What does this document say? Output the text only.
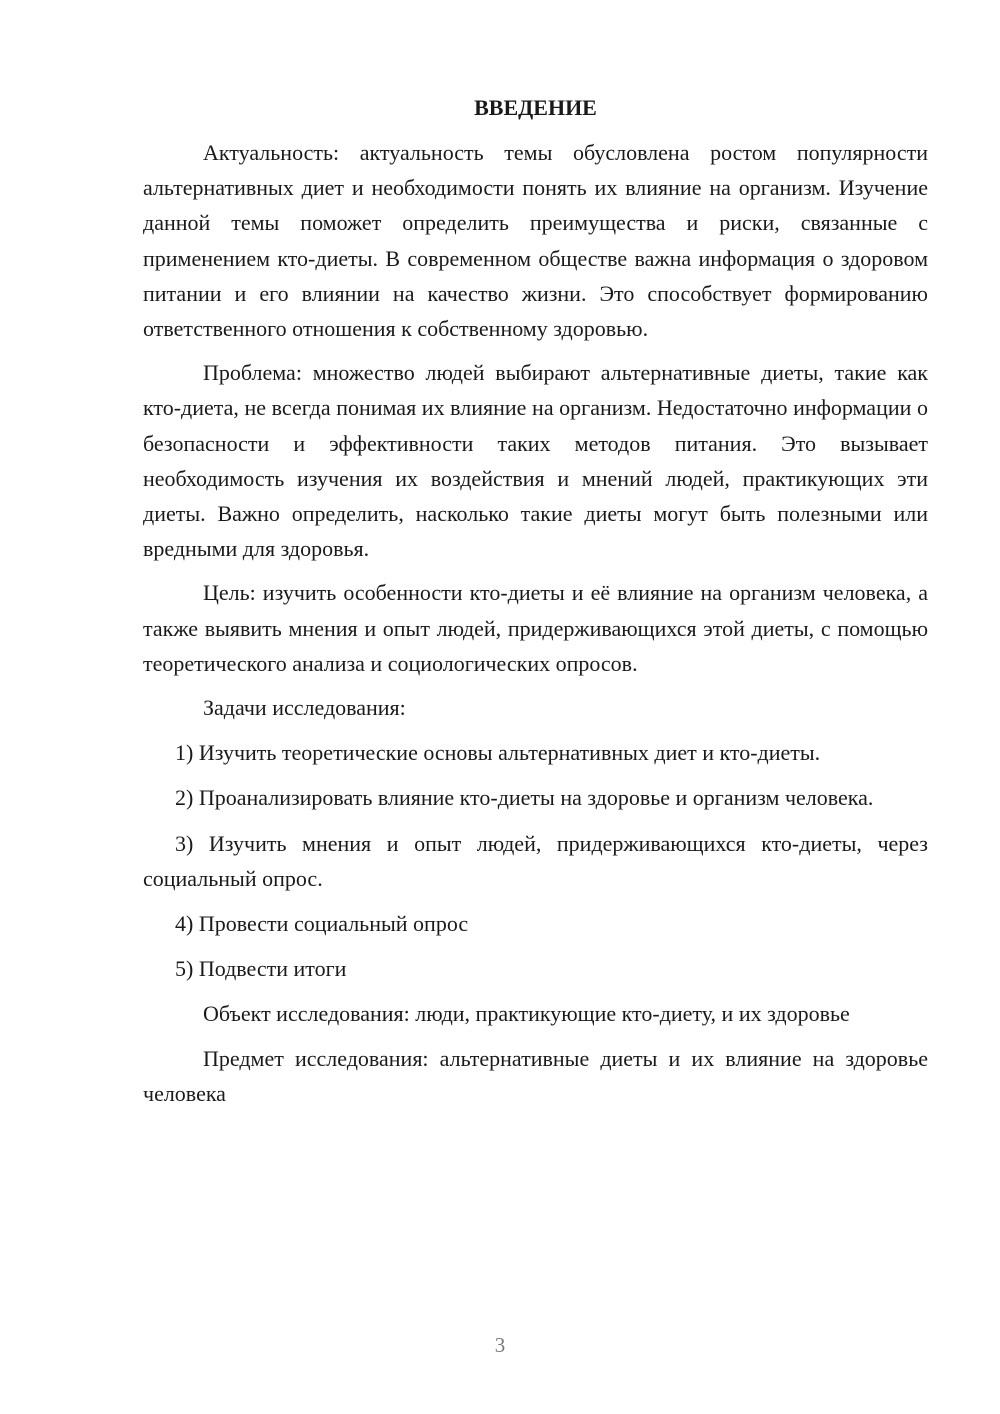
ВВЕДЕНИЕ

Актуальность: актуальность темы обусловлена ростом популярности альтернативных диет и необходимости понять их влияние на организм. Изучение данной темы поможет определить преимущества и риски, связанные с применением кто-диеты. В современном обществе важна информация о здоровом питании и его влиянии на качество жизни. Это способствует формированию ответственного отношения к собственному здоровью.

Проблема: множество людей выбирают альтернативные диеты, такие как кто-диета, не всегда понимая их влияние на организм. Недостаточно информации о безопасности и эффективности таких методов питания. Это вызывает необходимость изучения их воздействия и мнений людей, практикующих эти диеты. Важно определить, насколько такие диеты могут быть полезными или вредными для здоровья.

Цель: изучить особенности кто-диеты и её влияние на организм человека, а также выявить мнения и опыт людей, придерживающихся этой диеты, с помощью теоретического анализа и социологических опросов.

Задачи исследования:

1) Изучить теоретические основы альтернативных диет и кто-диеты.

2) Проанализировать влияние кто-диеты на здоровье и организм человека.

3) Изучить мнения и опыт людей, придерживающихся кто-диеты, через социальный опрос.

4) Провести социальный опрос

5) Подвести итоги

Объект исследования: люди, практикующие кто-диету, и их здоровье

Предмет исследования: альтернативные диеты и их влияние на здоровье человека

3
